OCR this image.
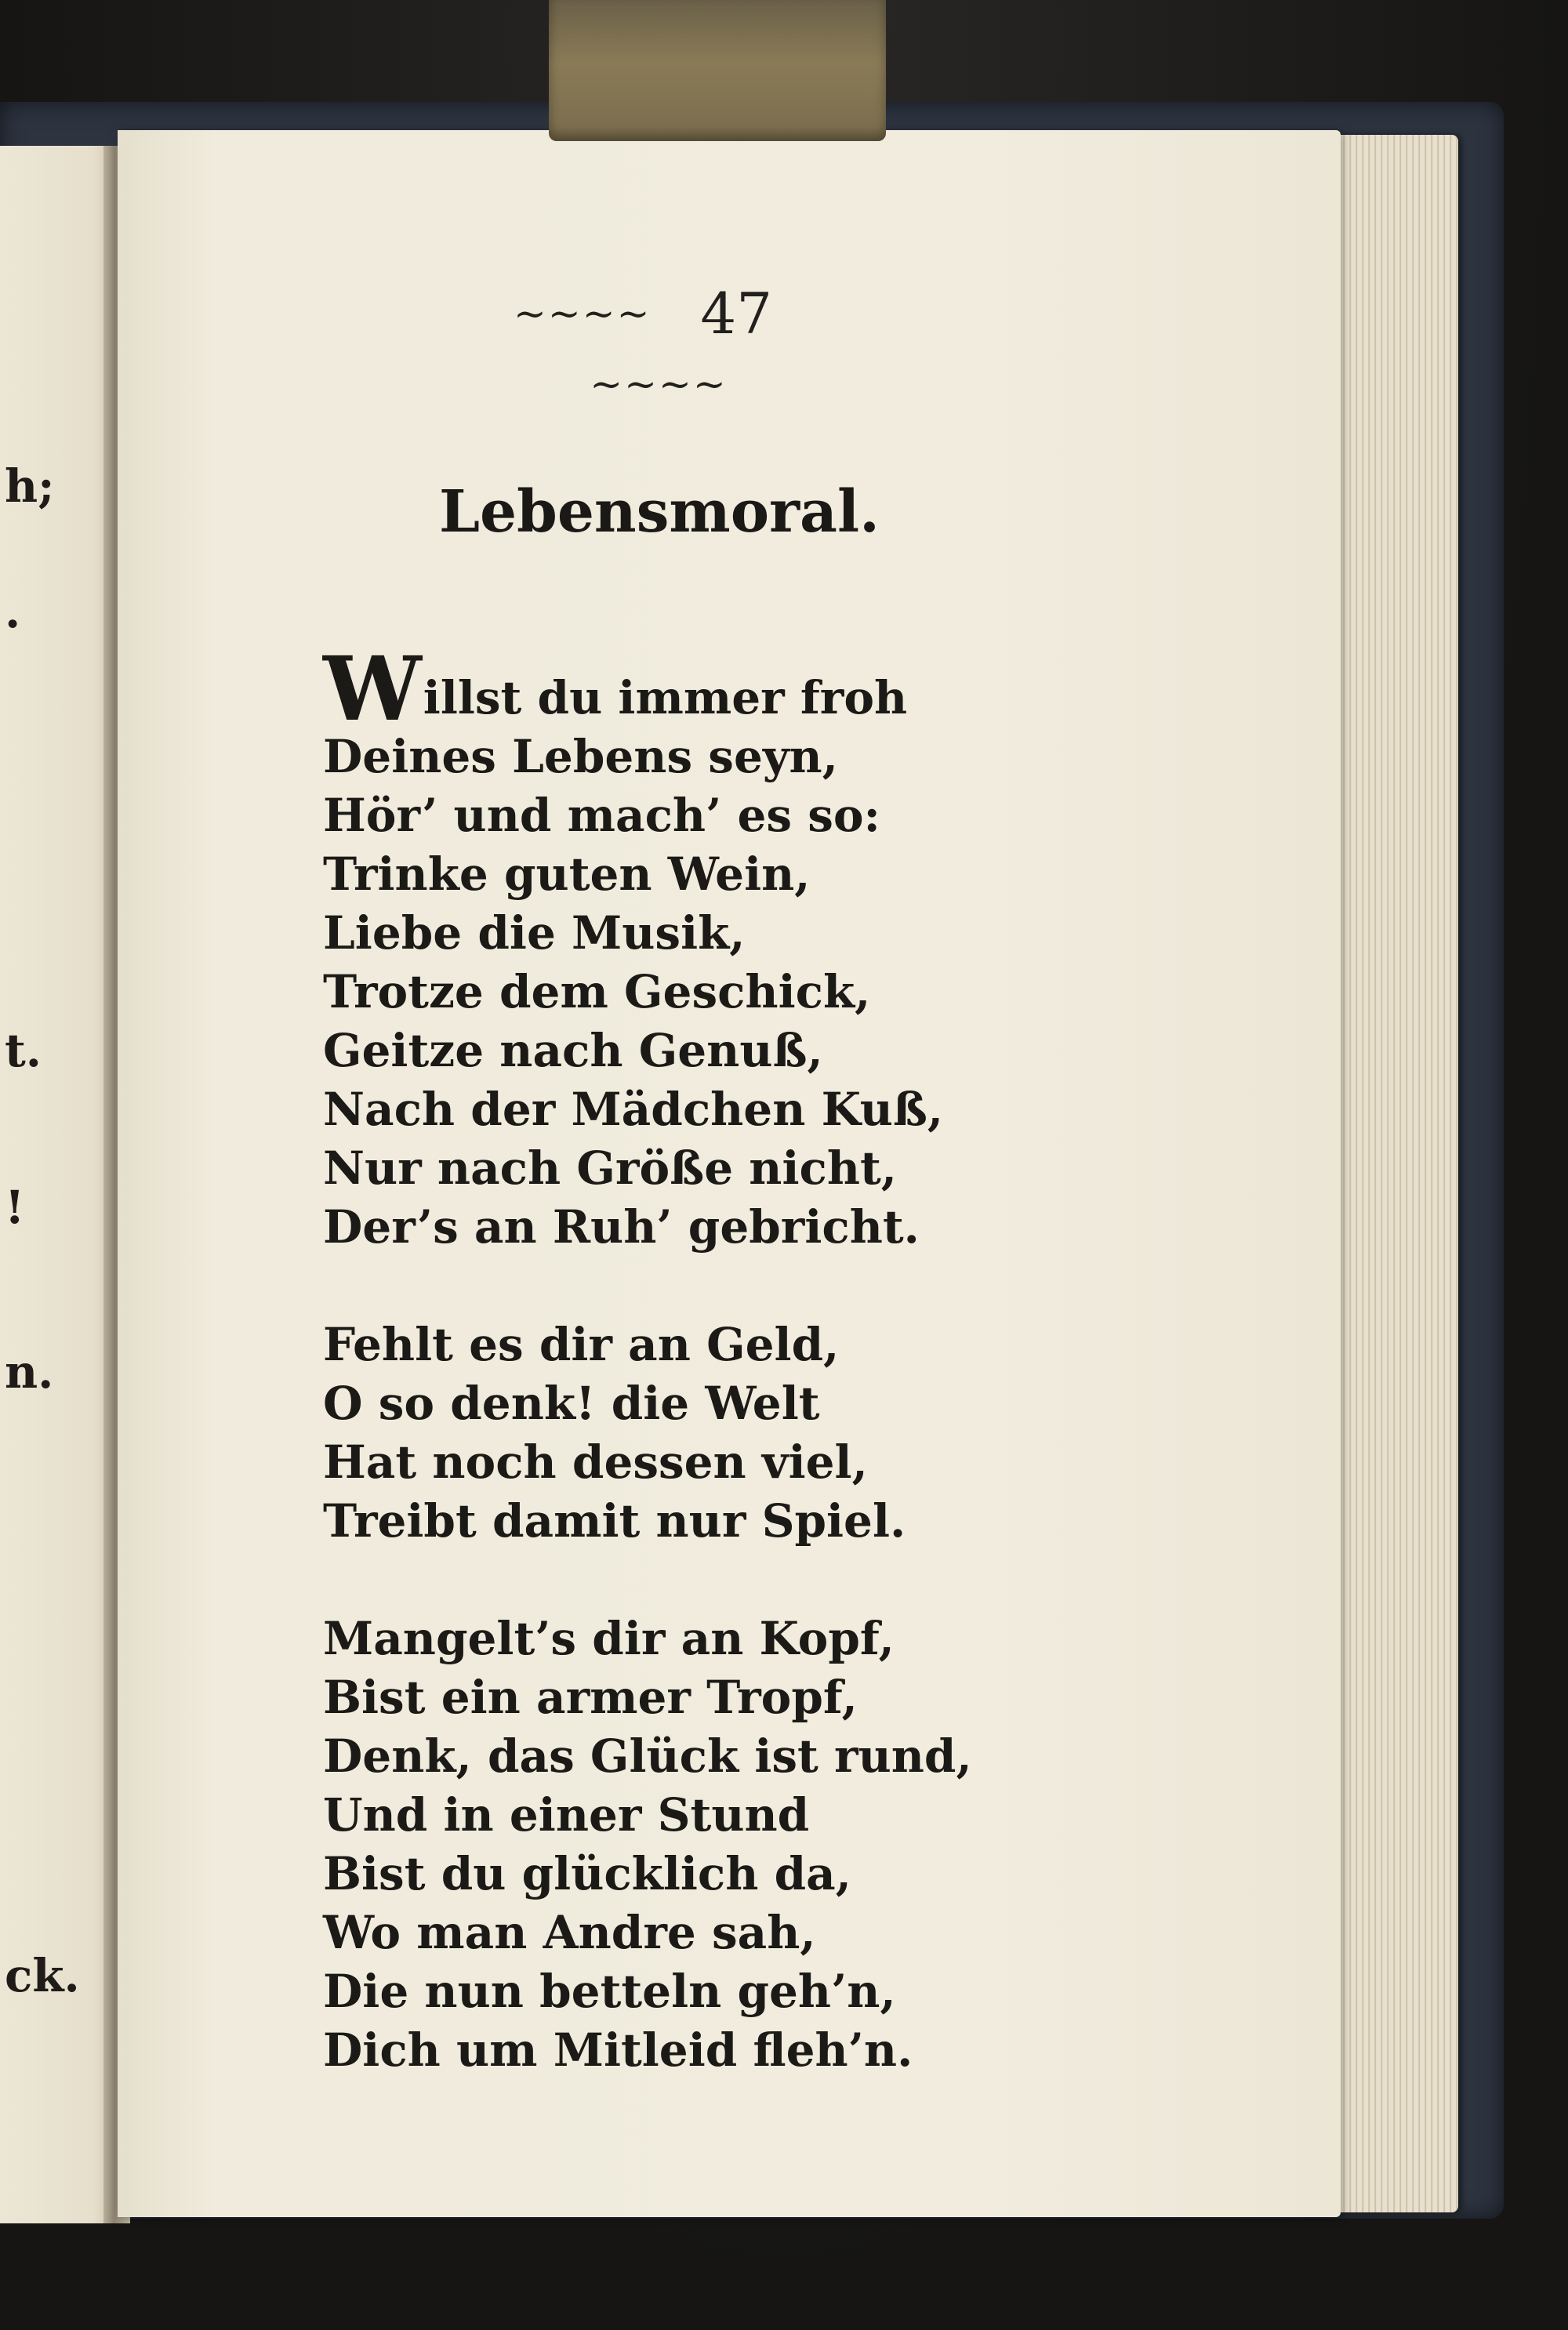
h;
.
t.
!
n.
ck.
~~~~ 47 ~~~~
Lebensmoral.
Willst du immer froh
Deines Lebens seyn,
Hör’ und mach’ es so:
Trinke guten Wein,
Liebe die Musik,
Trotze dem Geschick,
Geitze nach Genuß,
Nach der Mädchen Kuß,
Nur nach Größe nicht,
Der’s an Ruh’ gebricht.
Fehlt es dir an Geld,
O so denk! die Welt
Hat noch dessen viel,
Treibt damit nur Spiel.
Mangelt’s dir an Kopf,
Bist ein armer Tropf,
Denk, das Glück ist rund,
Und in einer Stund
Bist du glücklich da,
Wo man Andre sah,
Die nun betteln geh’n,
Dich um Mitleid fleh’n.
